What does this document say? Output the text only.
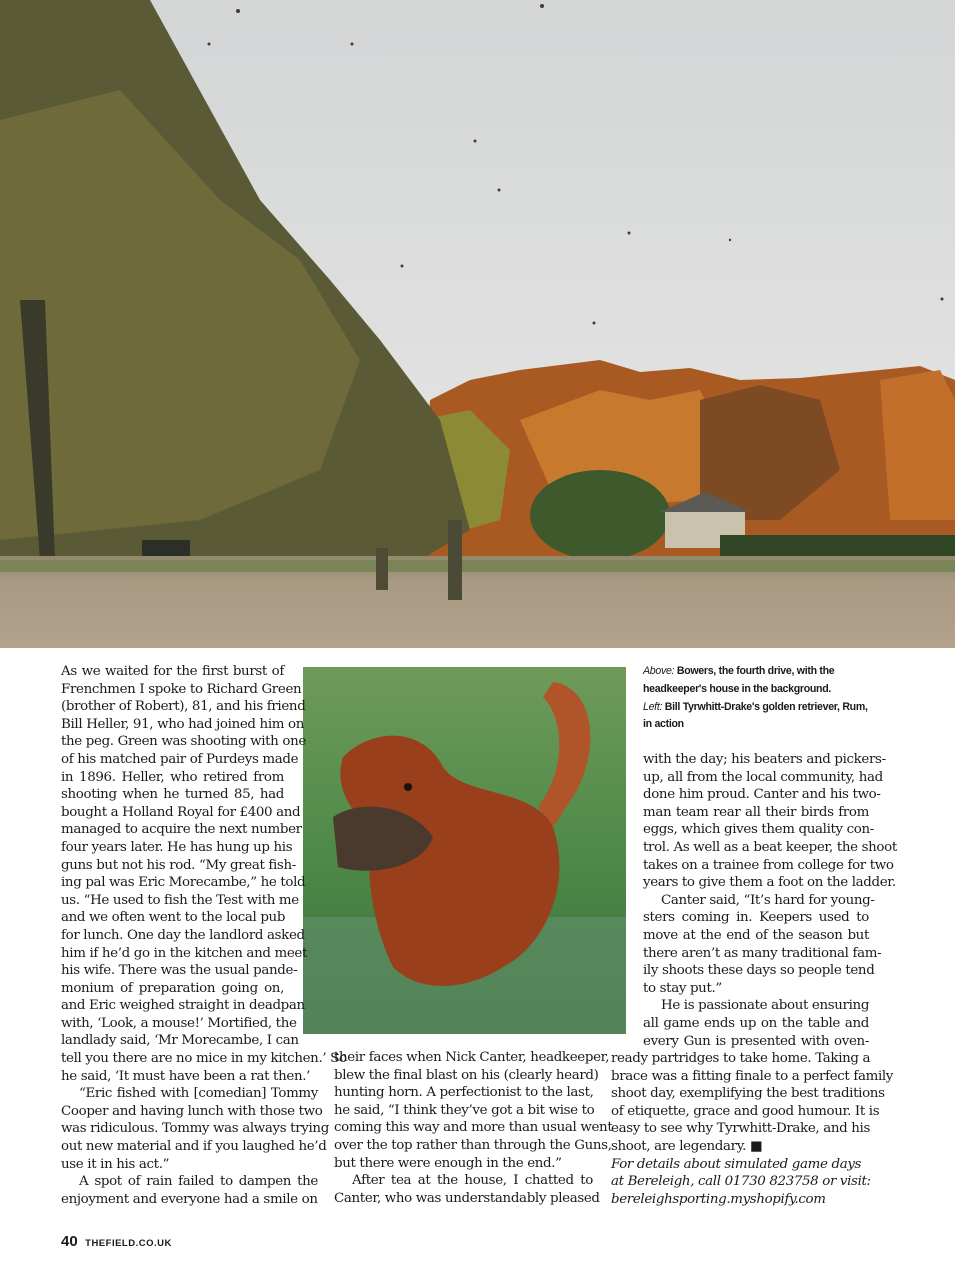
As we waited for the first burst of
Frenchmen I spoke to Richard Green
(brother of Robert), 81, and his friend
Bill Heller, 91, who had joined him on
the peg. Green was shooting with one
of his matched pair of Purdeys made
in 1896. Heller, who retired from
shooting when he turned 85, had
bought a Holland Royal for £400 and
managed to acquire the next number
four years later. He has hung up his
guns but not his rod. “My great fish-
ing pal was Eric Morecambe,” he told
us. “He used to fish the Test with me
and we often went to the local pub
for lunch. One day the landlord asked
him if he’d go in the kitchen and meet
his wife. There was the usual pande-
monium of preparation going on,
and Eric weighed straight in deadpan
with, ‘Look, a mouse!’ Mortified, the
landlady said, ‘Mr Morecambe, I can
tell you there are no mice in my kitchen.’ So
he said, ‘It must have been a rat then.’
“Eric fished with [comedian] Tommy
Cooper and having lunch with those two
was ridiculous. Tommy was always trying
out new material and if you laughed he’d
use it in his act.”
A spot of rain failed to dampen the
enjoyment and everyone had a smile on
their faces when Nick Canter, headkeeper,
blew the final blast on his (clearly heard)
hunting horn. A perfectionist to the last,
he said, “I think they’ve got a bit wise to
coming this way and more than usual went
over the top rather than through the Guns,
but there were enough in the end.”
After tea at the house, I chatted to
Canter, who was understandably pleased
with the day; his beaters and pickers-
up, all from the local community, had
done him proud. Canter and his two-
man team rear all their birds from
eggs, which gives them quality con-
trol. As well as a beat keeper, the shoot
takes on a trainee from college for two
years to give them a foot on the ladder.
Canter said, “It’s hard for young-
sters coming in. Keepers used to
move at the end of the season but
there aren’t as many traditional fam-
ily shoots these days so people tend
to stay put.”
He is passionate about ensuring
all game ends up on the table and
every Gun is presented with oven-
ready partridges to take home. Taking a
brace was a fitting finale to a perfect family
shoot day, exemplifying the best traditions
of etiquette, grace and good humour. It is
easy to see why Tyrwhitt-Drake, and his
shoot, are legendary. ■
For details about simulated game days
at Bereleigh, call 01730 823758 or visit:
bereleighsporting.myshopify.com
Above: Bowers, the fourth drive, with the headkeeper's house in the background.
Left: Bill Tyrwhitt-Drake's golden retriever, Rum, in action
40 THEFIELD.CO.UK
